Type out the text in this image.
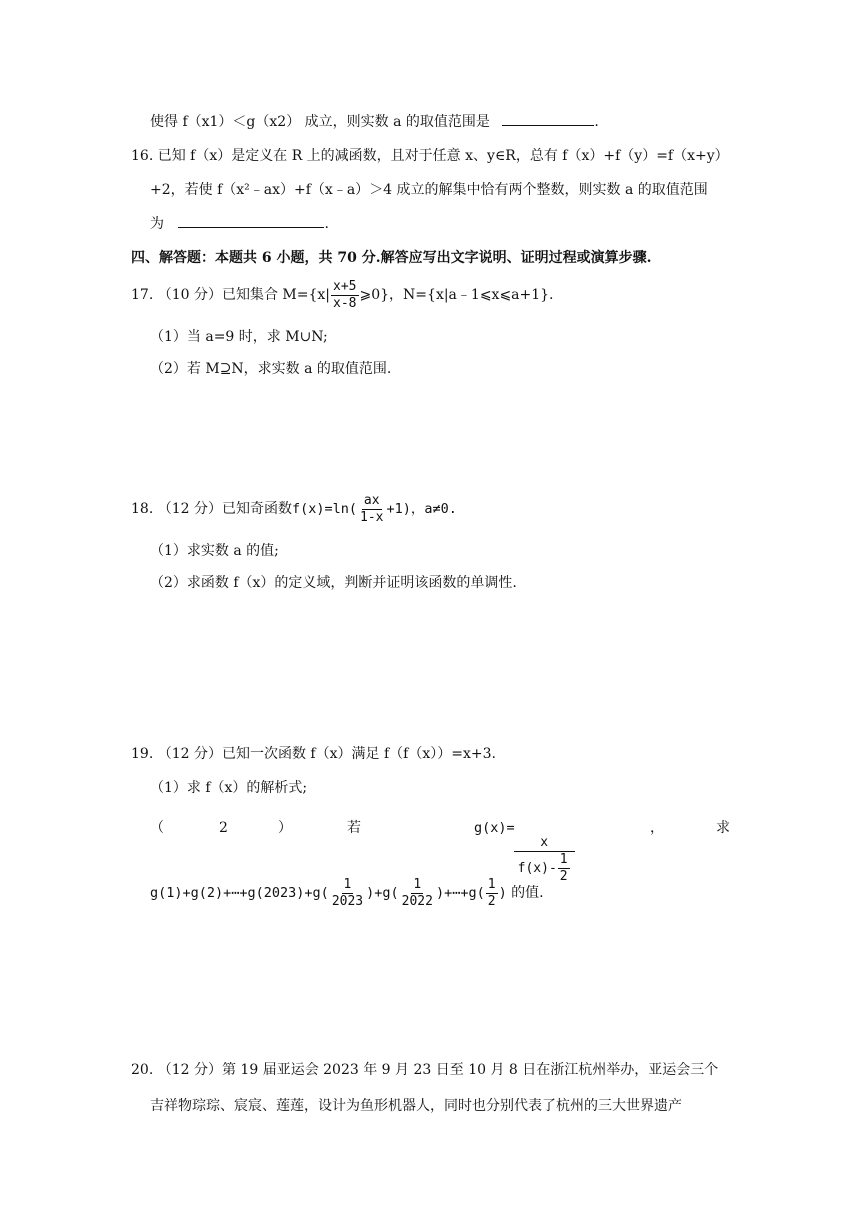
使得 f（x1）＜g（x2） 成立，则实数 a 的取值范围是	.
16. 已知 f（x）是定义在 R 上的减函数，且对于任意 x、y∈R，总有 f（x）+f（y）=f（x+y）
+2，若使 f（x²﹣ax）+f（x﹣a）＞4 成立的解集中恰有两个整数，则实数 a 的取值范围
为	.
四、解答题：本题共 6 小题，共 70 分.解答应写出文字说明、证明过程或演算步骤.
17. （10 分）已知集合 $M=\{x| \frac{x+5}{x-8}$ ⩾0}，N={x|a﹣1⩽x⩽a+1}.
（1）当 a=9 时，求 M∪N;
（2）若 M⊇N，求实数 a 的取值范围.
18. （12 分）已知奇函数$f(x)=\ln( \frac{ax}{1-x} +1)$，a≠0.
（1）求实数 a 的值;
（2）求函数 f（x）的定义域，判断并证明该函数的单调性.
19. （12 分）已知一次函数 f（x）满足 f（f（x））=x+3.
（1）求 f（x）的解析式;
（	2	）	若	g(x)=
$\frac{x}{f(x)- \frac{1}{2}}$
，	求
g(1)+g(2)+⋯+g(2023)+g( $\frac{1}{2023} )+g( \frac{1}{2022}$ )+⋯+g( $\frac{1}{2}$ ) 的值.
20. （12 分）第 19 届亚运会 2023 年 9 月 23 日至 10 月 8 日在浙江杭州举办，亚运会三个
吉祥物琮琮、宸宸、莲莲，设计为鱼形机器人，同时也分别代表了杭州的三大世界遗产
